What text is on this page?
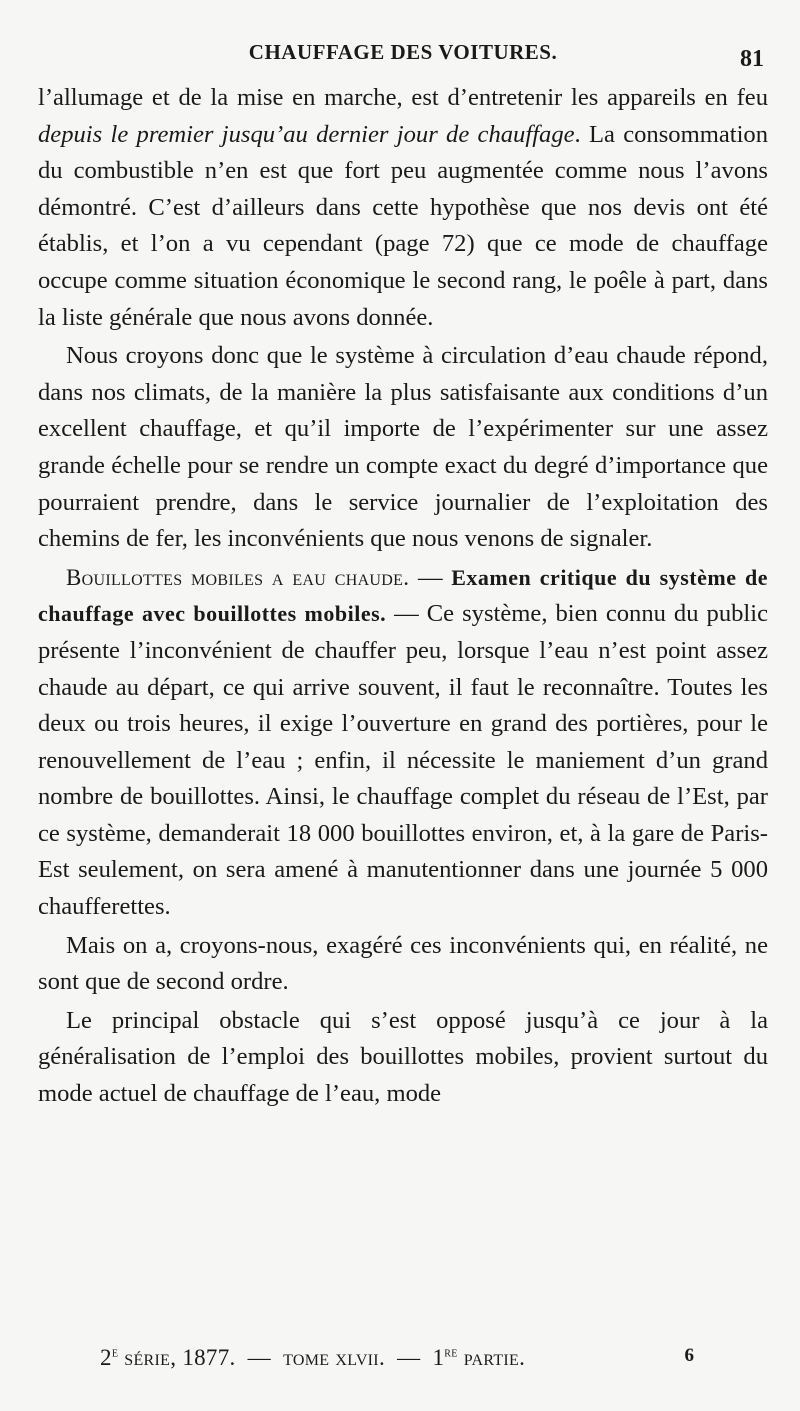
CHAUFFAGE DES VOITURES.	81

l’allumage et de la mise en marche, est d’entretenir les appareils en feu depuis le premier jusqu’au dernier jour de chauffage. La consommation du combustible n’en est que fort peu augmentée comme nous l’avons démontré. C’est d’ailleurs dans cette hypothèse que nos devis ont été établis, et l’on a vu cependant (page 72) que ce mode de chauffage occupe comme situation économique le second rang, le poêle à part, dans la liste générale que nous avons donnée.

Nous croyons donc que le système à circulation d’eau chaude répond, dans nos climats, de la manière la plus satisfaisante aux conditions d’un excellent chauffage, et qu’il importe de l’expérimenter sur une assez grande échelle pour se rendre un compte exact du degré d’importance que pourraient prendre, dans le service journalier de l’exploitation des chemins de fer, les inconvénients que nous venons de signaler.

Bouillottes mobiles a eau chaude. — Examen critique du système de chauffage avec bouillottes mobiles. — Ce système, bien connu du public présente l’inconvénient de chauffer peu, lorsque l’eau n’est point assez chaude au départ, ce qui arrive souvent, il faut le reconnaître. Toutes les deux ou trois heures, il exige l’ouverture en grand des portières, pour le renouvellement de l’eau ; enfin, il nécessite le maniement d’un grand nombre de bouillottes. Ainsi, le chauffage complet du réseau de l’Est, par ce système, demanderait 18 000 bouillottes environ, et, à la gare de Paris-Est seulement, on sera amené à manutentionner dans une journée 5 000 chaufferettes.

Mais on a, croyons-nous, exagéré ces inconvénients qui, en réalité, ne sont que de second ordre.

Le principal obstacle qui s’est opposé jusqu’à ce jour à la généralisation de l’emploi des bouillottes mobiles, provient surtout du mode actuel de chauffage de l’eau, mode

2e série, 1877.  —  tome xlvii.  —  1re partie.	6
